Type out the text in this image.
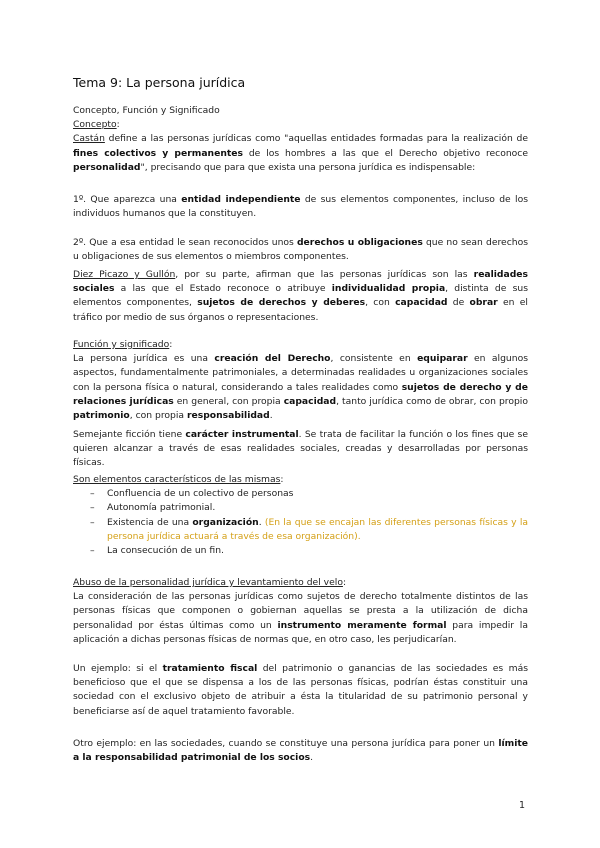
Tema 9: La persona jurídica
Concepto, Función y Significado
Concepto:
Castán define a las personas jurídicas como "aquellas entidades formadas para la realización de fines colectivos y permanentes de los hombres a las que el Derecho objetivo reconoce personalidad", precisando que para que exista una persona jurídica es indispensable:
1º. Que aparezca una entidad independiente de sus elementos componentes, incluso de los individuos humanos que la constituyen.
2º. Que a esa entidad le sean reconocidos unos derechos u obligaciones que no sean derechos u obligaciones de sus elementos o miembros componentes.
Diez Picazo y Gullón, por su parte, afirman que las personas jurídicas son las realidades sociales a las que el Estado reconoce o atribuye individualidad propia, distinta de sus elementos componentes, sujetos de derechos y deberes, con capacidad de obrar en el tráfico por medio de sus órganos o representaciones.
Función y significado:
La persona jurídica es una creación del Derecho, consistente en equiparar en algunos aspectos, fundamentalmente patrimoniales, a determinadas realidades u organizaciones sociales con la persona física o natural, considerando a tales realidades como sujetos de derecho y de relaciones jurídicas en general, con propia capacidad, tanto jurídica como de obrar, con propio patrimonio, con propia responsabilidad.
Semejante ficción tiene carácter instrumental. Se trata de facilitar la función o los fines que se quieren alcanzar a través de esas realidades sociales, creadas y desarrolladas por personas físicas.
Son elementos característicos de las mismas:
– Confluencia de un colectivo de personas
– Autonomía patrimonial.
– Existencia de una organización. (En la que se encajan las diferentes personas físicas y la persona jurídica actuará a través de esa organización).
– La consecución de un fin.
Abuso de la personalidad jurídica y levantamiento del velo:
La consideración de las personas jurídicas como sujetos de derecho totalmente distintos de las personas físicas que componen o gobiernan aquellas se presta a la utilización de dicha personalidad por éstas últimas como un instrumento meramente formal para impedir la aplicación a dichas personas físicas de normas que, en otro caso, les perjudicarían.
Un ejemplo: si el tratamiento fiscal del patrimonio o ganancias de las sociedades es más beneficioso que el que se dispensa a los de las personas físicas, podrían éstas constituir una sociedad con el exclusivo objeto de atribuir a ésta la titularidad de su patrimonio personal y beneficiarse así de aquel tratamiento favorable.
Otro ejemplo: en las sociedades, cuando se constituye una persona jurídica para poner un límite a la responsabilidad patrimonial de los socios.
1
